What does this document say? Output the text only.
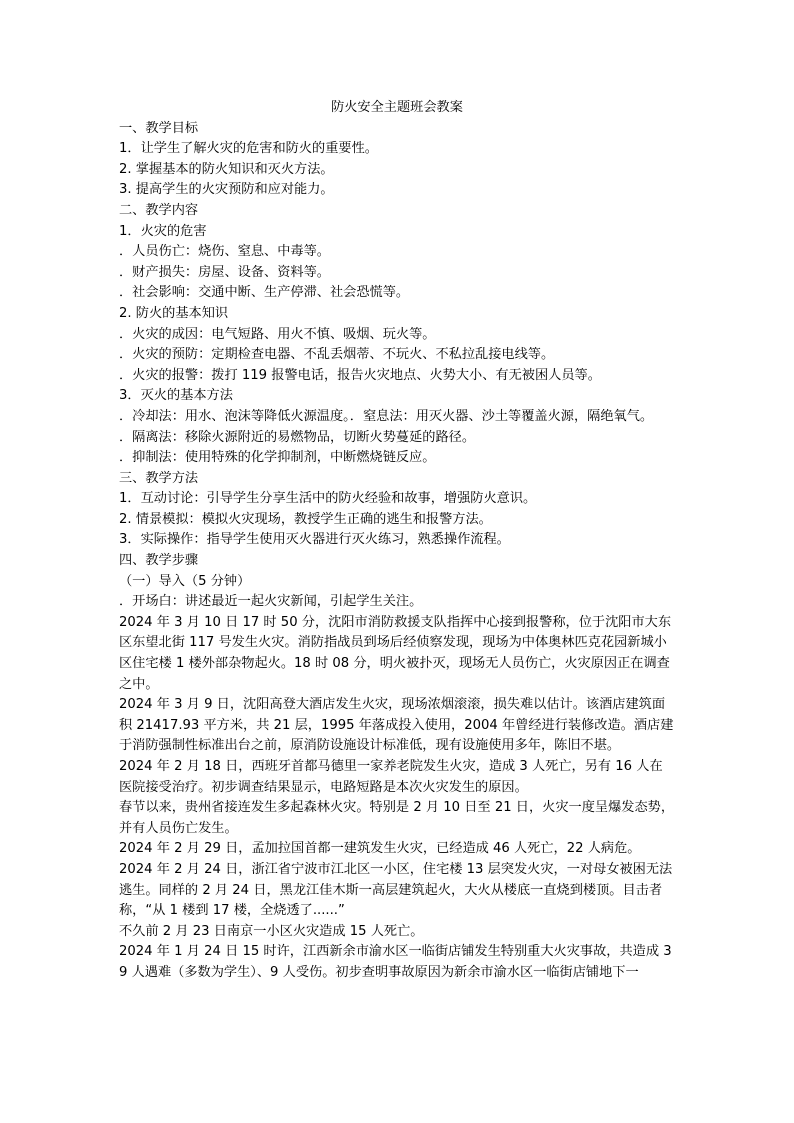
防火安全主题班会教案

一、教学目标

1．让学生了解火灾的危害和防火的重要性。

2. 掌握基本的防火知识和灭火方法。

3. 提高学生的火灾预防和应对能力。

二、教学内容

1．火灾的危害

．人员伤亡：烧伤、窒息、中毒等。

．财产损失：房屋、设备、资料等。

．社会影响：交通中断、生产停滞、社会恐慌等。

2. 防火的基本知识

．火灾的成因：电气短路、用火不慎、吸烟、玩火等。

．火灾的预防：定期检查电器、不乱丢烟蒂、不玩火、不私拉乱接电线等。

．火灾的报警：拨打 119 报警电话，报告火灾地点、火势大小、有无被困人员等。

3．灭火的基本方法

．冷却法：用水、泡沫等降低火源温度。．窒息法：用灭火器、沙土等覆盖火源，隔绝氧气。

．隔离法：移除火源附近的易燃物品，切断火势蔓延的路径。

．抑制法：使用特殊的化学抑制剂，中断燃烧链反应。

三、教学方法

1．互动讨论：引导学生分享生活中的防火经验和故事，增强防火意识。

2. 情景模拟：模拟火灾现场，教授学生正确的逃生和报警方法。

3．实际操作：指导学生使用灭火器进行灭火练习，熟悉操作流程。

四、教学步骤

（一）导入（5 分钟）

．开场白：讲述最近一起火灾新闻，引起学生关注。

2024 年 3 月 10 日 17 时 50 分，沈阳市消防救援支队指挥中心接到报警称，位于沈阳市大东区东望北街 117 号发生火灾。消防指战员到场后经侦察发现，现场为中体奥林匹克花园新城小区住宅楼 1 楼外部杂物起火。18 时 08 分，明火被扑灭，现场无人员伤亡，火灾原因正在调查之中。

2024 年 3 月 9 日，沈阳高登大酒店发生火灾，现场浓烟滚滚，损失难以估计。该酒店建筑面积 21417.93 平方米，共 21 层，1995 年落成投入使用，2004 年曾经进行装修改造。酒店建于消防强制性标准出台之前，原消防设施设计标准低，现有设施使用多年，陈旧不堪。

2024 年 2 月 18 日，西班牙首都马德里一家养老院发生火灾，造成 3 人死亡，另有 16 人在医院接受治疗。初步调查结果显示，电路短路是本次火灾发生的原因。

春节以来，贵州省接连发生多起森林火灾。特别是 2 月 10 日至 21 日，火灾一度呈爆发态势，并有人员伤亡发生。

2024 年 2 月 29 日，孟加拉国首都一建筑发生火灾，已经造成 46 人死亡，22 人病危。

2024 年 2 月 24 日，浙江省宁波市江北区一小区，住宅楼 13 层突发火灾，一对母女被困无法逃生。同样的 2 月 24 日，黑龙江佳木斯一高层建筑起火，大火从楼底一直烧到楼顶。目击者称，“从 1 楼到 17 楼，全烧透了......”

不久前 2 月 23 日南京一小区火灾造成 15 人死亡。

2024 年 1 月 24 日 15 时许，江西新余市渝水区一临街店铺发生特别重大火灾事故，共造成 39 人遇难（多数为学生）、9 人受伤。初步查明事故原因为新余市渝水区一临街店铺地下一
